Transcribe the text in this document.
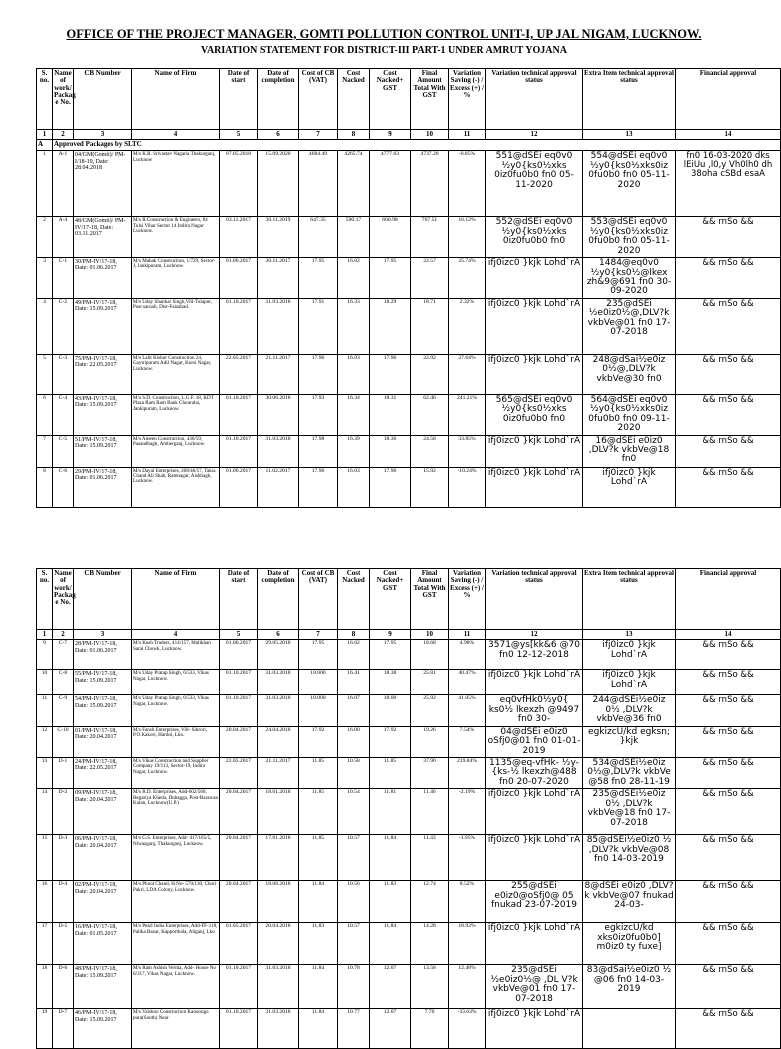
OFFICE OF THE PROJECT MANAGER, GOMTI POLLUTION CONTROL UNIT-I, UP JAL NIGAM, LUCKNOW.
VARIATION STATEMENT FOR DISTRICT-III PART-1 UNDER AMRUT YOJANA
S. no.	Name of work/ Packag e No.	CB Number	Name of Firm	Date of start	Date of completion	Cost of CB (VAT)	Cost Nacked	Cost Nacked+ GST	Final Amount Total With GST	Variation Saving (-) / Excess (+) / %	Variation technical approval status	Extra Item technical approval status	Financial approval
1	2	3	4	5	6	7	8	9	10	11	12	13	14
A	Approved Packages by SLTC												
1	A-1	04/GM(Gomti)/ PM-I/18-19, Date: 28.04.2018	M/s K.B. Srivastav Nagaria Thakurganj, Lucknow	07.05.2018	15.09.2020	4684.49	4265.74	4777.63	4737.20	-0.85%	551@dSEi eq0v0 ½y0{ks0½xks 0iz0fu0b0 fn0 05-11-2020	554@dSEi eq0v0 ½y0{ks0½xks0iz 0fu0b0 fn0 05-11-2020	fn0 16-03-2020 dks lEiUu ,l0,y Vh0lh0 dh 38oha cSBd esaA
2	A-4	48/GM(Gomti)/ PM-IV/17-18, Date: 03.11.2017	M/s R.Construction & Engineers, 84 Tulsi Vihar Sector 14 Indira Nagar Lucknow.	03.11.2017	30.11.2019	647.35	590.17	660.98	767.51	16.12%	552@dSEi eq0v0 ½y0{ks0½xks 0iz0fu0b0 fn0	553@dSEi eq0v0 ½y0{ks0½xks0iz 0fu0b0 fn0 05-11-2020	&& rnSo &&
3	C-1	30/PM-IV/17-18, Date: 01.06.2017	M/s Mahak Construction, 1/729, Sector-J, Jankipuram, Lucknow.	01.06.2017	30.11.2017	17.95	16.02	17.95	22.57	25.74%	ifj0izc0 }kjk Lohd`rA	1484@eq0v0 ½y0{ks0½@lkex zh&9@691 fn0 30-09-2020	&& rnSo &&
4	C-2	49/PM-IV/17-18, Date: 15.09.2017	M/s Uday Shankar Singh,Vill-Tulapur, Post saroali, Dist-Faizabad.	01.10.2017	31.03.2018	17.91	16.33	18.29	18.71	2.32%	ifj0izc0 }kjk Lohd`rA	235@dSEi ½e0iz0½@,DLV?k vkbVe@01 fn0 17-07-2018	&& rnSo &&
5	C-3	75/PM-IV/17-18, Date: 22.05.2017	M/s Lalit Kishor Construction 24, Gaytripuram Adil Nagar, Kursi Nagar, Lucknow.	22.05.2017	21.11.2017	17.96	16.03	17.96	22.92	27.64%	ifj0izc0 }kjk Lohd`rA	248@dSai½e0iz 0½@,DLV?k vkbVe@30 fn0	&& rnSo &&
6	C-4	43/PM-IV/17-18, Date: 15.09.2017	M/s S.D. Construction, L.G.F. 18, KDT Plaza Ram Ram Bank Chouraha, Jankipuram, Lucknow.	01.10.2017	30.06.2018	17.93	16.34	18.31	62.46	241.21%	565@dSEi eq0v0 ½y0{ks0½xks 0iz0fu0b0 fn0	564@dSEi eq0v0 ½y0{ks0½xks0iz 0fu0b0 fn0 09-11-2020	&& rnSo &&
7	C-5	51/PM-IV/17-18, Date: 15.09.2017	M/s Ameen Construction, 436/59, Pasandbagh, Amberganj, Lucknow.	01.10.2017	31.03.2018	17.98	16.39	18.36	24.58	33.85%	ifj0izc0 }kjk Lohd`rA	16@dSEi e0iz0 ,DLV?k vkbVe@18 fn0	&& rnSo &&
8	C-6	29/PM-IV/17-18, Date: 01.06.2017	M/s Dayal Enterprises, 268/46/57, Takia Chand Ali Shah, Ramnagar, Aishbagh, Lucknow.	01.06.2017	11.02.2017	17.96	16.03	17.96	15.92	-10.24%	ifj0izc0 }kjk Lohd`rA	ifj0izc0 }kjk Lohd`rA	&& rnSo &&
S. no.	Name of work/ Packag e No.	CB Number	Name of Firm	Date of start	Date of completion	Cost of CB (VAT)	Cost Nacked	Cost Nacked+ GST	Final Amount Total With GST	Variation Saving (-) / Excess (+) / %	Variation technical approval status	Extra Item technical approval status	Financial approval
1	2	3	4	5	6	7	8	9	10	11	12	13	14
9	C-7	28/PM-IV/17-18, Date: 01.06.2017	M/s Kush Traders, 414/157, Malikhan Sarai Chowk, Lucknow.	01.06.2017	29.05.2018	17.95	16.02	17.95	18.68	4.98%	3571@ys[kk&6 @70 fn0 12-12-2018	ifj0izc0 }kjk Lohd`rA	&& rnSo &&
10	C-8	55/PM-IV/17-18, Date: 15.09.2017	M/s Uday Pratap Singh, 6/533, Vikas Nagar, Lucknow.	01.10.2017	31.03.2018	18.000	16.41	18.38	25.81	40.47%	ifj0izc0 }kjk Lohd`rA	ifj0izc0 }kjk Lohd`rA	&& rnSo &&
11	C-9	54/PM-IV/17-18, Date: 15.09.2017	M/s Uday Pratap Singh, 6/533, Vikas Nagar, Lucknow.	01.10.2017	31.03.2018	18.000	16.07	18.00	25.92	41.05%	eq0vfHk0½y0{ ks0½ lkexzh @9497 fn0 30-	244@dSEi½e0iz 0½ ,DLV?k vkbVe@36 fn0	&& rnSo &&
12	C-10	01/PM-IV/17-18, Date: 20.04.2017	M/s Fansh Enterprises, Vill- Sikrori, P.O.Kakori, Hardoi, Lko.	20.04.2017	24.04.2018	17.92	16.00	17.92	19.26	7.54%	04@dSEi e0iz0 oSfj0@01 fn0 01-01-2019	egkizcU/kd egksn; }kjk	&& rnSo &&
13	D-1	24/PM-IV/17-18, Date: 22.05.2017	M/s Vikas Construction and Supplier Company 19/113, Sector-19, Indira Nagar, Lucknow.	22.05.2017	21.11.2017	11.85	10.58	11.85	37.90	219.84%	1135@eq-vfHk- ½y-{ks-½ lkexzh@488 fn0 20-07-2020	534@dSEi½e0iz 0½@,DLV?k vkbVe @58 fn0 28-11-19	&& rnSo &&
14	D-2	09/PM-IV/17-18, Date: 20.04.2017	M/s R.D. Enterprises, Add-602/560, Begariya Kheda, Dubagga, Post-Barawan Kalan, Lucknow(U.P.)	20.04.2017	18.01.2018	11.85	10.54	11.81	11.46	-2.19%	ifj0izc0 }kjk Lohd`rA	235@dSEi½e0iz 0½ ,DLV?k vkbVe@18 fn0 17-07-2018	&& rnSo &&
15	D-3	06/PM-IV/17-18, Date: 20.04.2017	M/s G.S. Enterprises, Add- 417/165/5, Niwazganj, Thakurganj, Lucknow.	20.04.2017	17.01.2018	11.85	10.57	11.84	11.43	-1.95%	ifj0izc0 }kjk Lohd`rA	85@dSEi½e0iz0 ½ ,DLV?k vkbVe@08 fn0 14-03-2019	&& rnSo &&
16	D-4	02/PM-IV/17-18, Date: 20.04.2017	M/s Phool Chand, H.No- 570/130, Chori Pakri, LDA Colony, Lucknow.	20.04.2017	18.08.2018	11.84	10.56	11.83	12.74	8.52%	255@dSEi e0iz0@oSfj0@ 05 fnukad 23-07-2019	8@dSEi e0iz0 ,DLV?k vkbVe@07 fnukad 24-03-	&& rnSo &&
17	D-5	16/PM-IV/17-18, Date: 01.05.2017	M/s Pearl India Enterprises, Add-FF-118, Palika Bazar, Kapporthala, Aliganj, Lko	01.05.2017	20.04.2018	11.83	10.57	11.84	14.28	18.93%	ifj0izc0 }kjk Lohd`rA	egkizcU/kd xks0iz0fu0b0] m0iz0 ty fuxe]	&& rnSo &&
18	D-6	48/PM-IV/17-18, Date: 15.09.2017	M/s Ram Ashish Verma, Add- House No 6/317, Vikas Nagar, Lucknow.	01.10.2017	31.03.2018	11.84	10.78	12.07	13.58	12.48%	235@dSEi ½e0iz0½@ ,DL V?k vkbVe@01 fn0 17-07-2018	83@dSai½e0iz0 ½ @06 fn0 14-03-2019	&& rnSo &&
19	D-7	46/PM-IV/17-18, Date: 15.09.2017	M/s Vaishno Construction Kanoongo pura(South) Near	01.10.2017	31.03.2018	11.84	10.77	12.07	7.70	-33.63%	ifj0izc0 }kjk Lohd`rA		&& rnSo &&
